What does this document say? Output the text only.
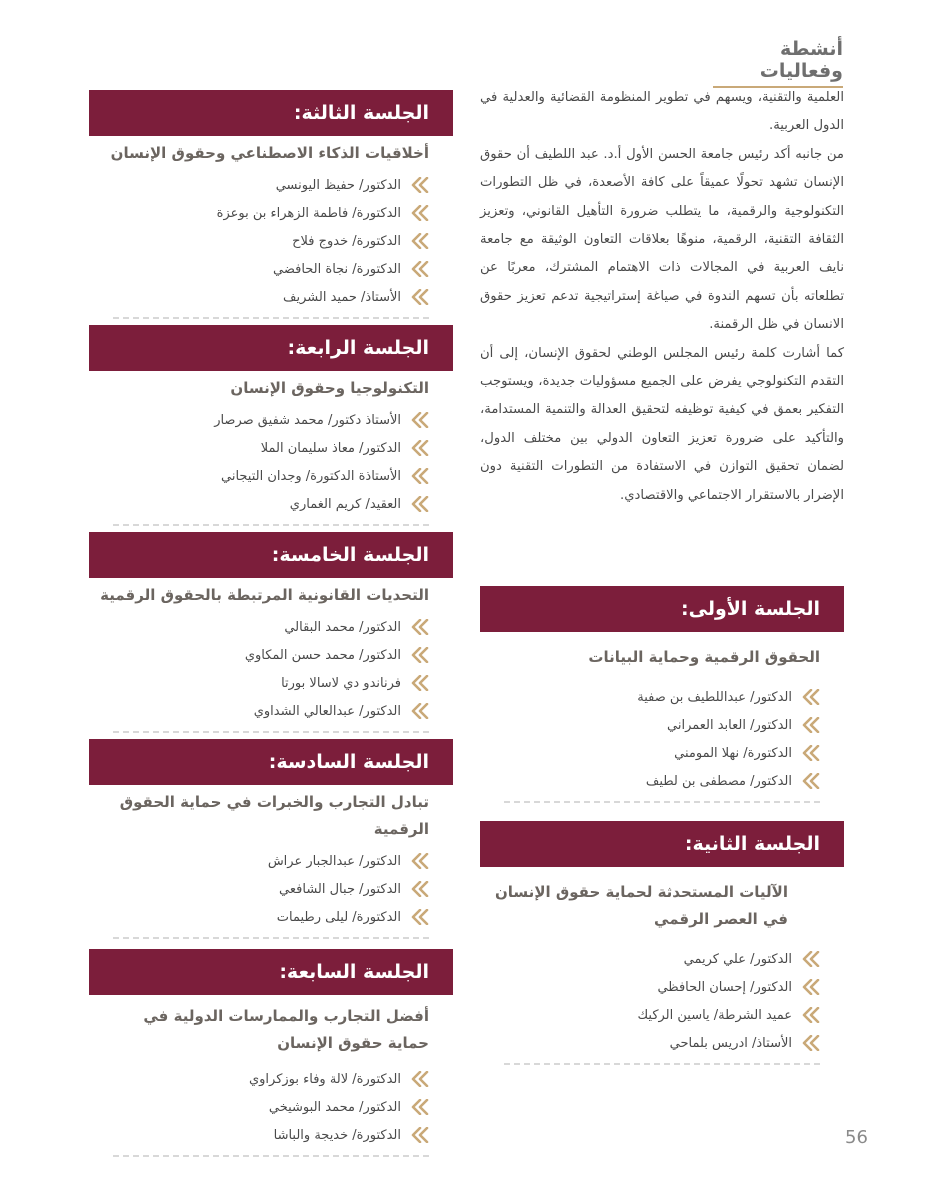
أنشطة وفعاليات

العلمية والتقنية، ويسهم في تطوير المنظومة القضائية والعدلية في الدول العربية.

من جانبه أكد رئيس جامعة الحسن الأول أ.د. عبد اللطيف أن حقوق الإنسان تشهد تحولًا عميقاً على كافة الأصعدة، في ظل التطورات التكنولوجية والرقمية، ما يتطلب ضرورة التأهيل القانوني، وتعزيز الثقافة التقنية، الرقمية، منوهًا بعلاقات التعاون الوثيقة مع جامعة نايف العربية في المجالات ذات الاهتمام المشترك، معربًا عن تطلعاته بأن تسهم الندوة في صياغة إستراتيجية تدعم تعزيز حقوق الانسان في ظل الرقمنة.

كما أشارت كلمة رئيس المجلس الوطني لحقوق الإنسان، إلى أن التقدم التكنولوجي يفرض على الجميع مسؤوليات جديدة، ويستوجب التفكير بعمق في كيفية توظيفه لتحقيق العدالة والتنمية المستدامة، والتأكيد على ضرورة تعزيز التعاون الدولي بين مختلف الدول، لضمان تحقيق التوازن في الاستفادة من التطورات التقنية دون الإضرار بالاستقرار الاجتماعي والاقتصادي.

الجلسة الأولى:
الحقوق الرقمية وحماية البيانات
الدكتور/ عبداللطيف بن صفية
الدكتور/ العابد العمراني
الدكتورة/ نهلا المومني
الدكتور/ مصطفى بن لطيف
الجلسة الثانية:
الآليات المستحدثة لحماية حقوق الإنسان في العصر الرقمي
الدكتور/ علي كريمي
الدكتور/ إحسان الحافظي
عميد الشرطة/ ياسين الركيك
الأستاذ/ ادريس بلماحي
الجلسة الثالثة:
أخلاقيات الذكاء الاصطناعي وحقوق الإنسان
الدكتور/ حفيظ اليونسي
الدكتورة/ فاطمة الزهراء بن بوعزة
الدكتورة/ خدوج فلاح
الدكتورة/ نجاة الحافضي
الأستاذ/ حميد الشريف
الجلسة الرابعة:
التكنولوجيا وحقوق الإنسان
الأستاذ دكتور/ محمد شفيق صرصار
الدكتور/ معاذ سليمان الملا
الأستاذة الدكتورة/ وجدان التيجاني
العقيد/ كريم الغماري
الجلسة الخامسة:
التحديات القانونية المرتبطة بالحقوق الرقمية
الدكتور/ محمد البقالي
الدكتور/ محمد حسن المكاوي
فرناندو دي لاسالا بورتا
الدكتور/ عبدالعالي الشداوي
الجلسة السادسة:
تبادل التجارب والخبرات في حماية الحقوق الرقمية
الدكتور/ عبدالجبار عراش
الدكتور/ جبال الشافعي
الدكتورة/ ليلى رطيمات
الجلسة السابعة:
أفضل التجارب والممارسات الدولية في حماية حقوق الإنسان
الدكتورة/ لالة وفاء بوزكراوي
الدكتور/ محمد البوشيخي
الدكتورة/ خديجة والباشا	56
